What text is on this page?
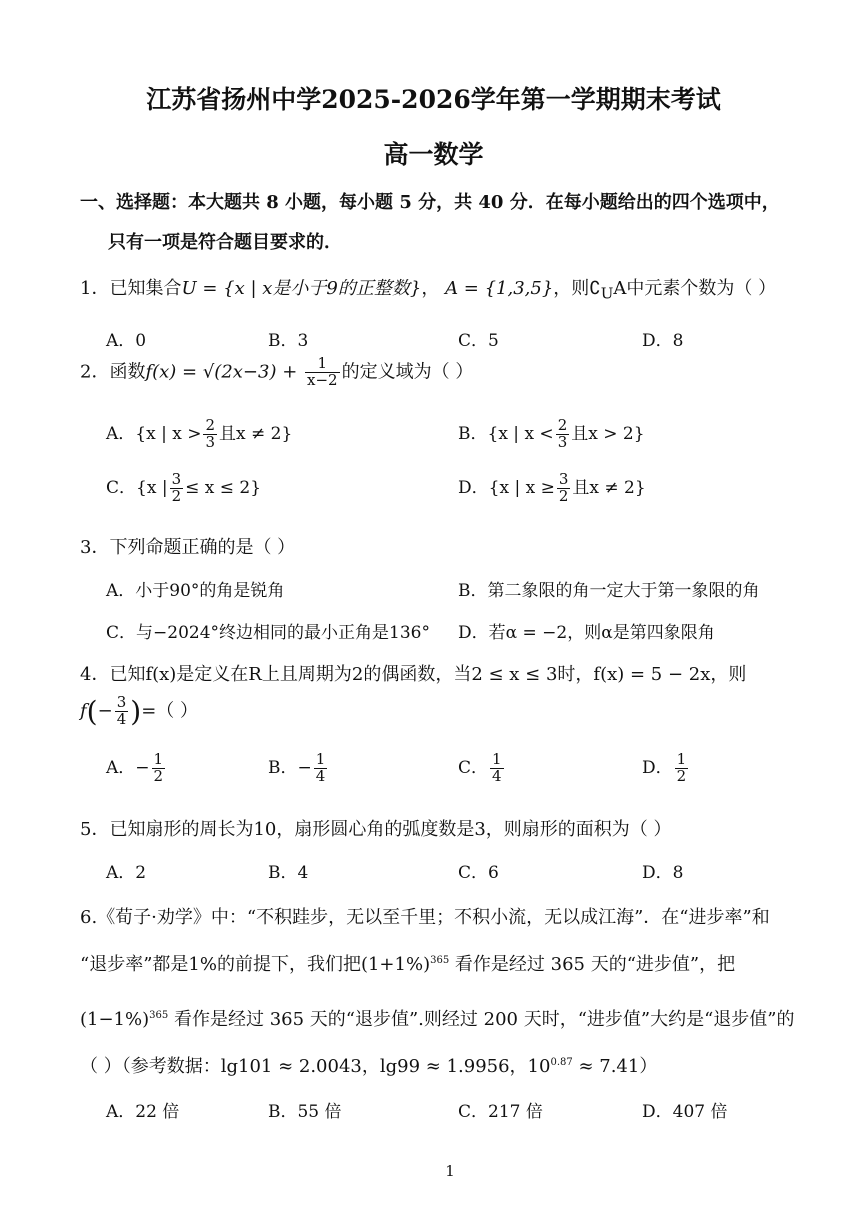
江苏省扬州中学2025-2026学年第一学期期末考试
高一数学
一、选择题：本大题共 8 小题，每小题 5 分，共 40 分．在每小题给出的四个选项中，
只有一项是符合题目要求的．
1．已知集合U = {x | x是小于9的正整数}， A = {1,3,5}，则$∁_UA$中元素个数为（ ）
A．0	B．3	C．5	D．8
2．函数$f(x) = √(2x-3) + \frac{1}{x-2}$ 的定义域为（ ）
A．{x | $x > \frac{2}{3}$ 且x ≠ 2}	B．{x | $x < \frac{2}{3}$ 且x > 2}
C．{x | $\frac{3}{2} \le x \le 2$}	D．{x | $x \ge \frac{3}{2}$ 且x ≠ 2}
3．下列命题正确的是（ ）
A．小于90°的角是锐角	B．第二象限的角一定大于第一象限的角
C．与−2024°终边相同的最小正角是136° D．若α = −2，则α是第四象限角
4．已知f(x)是定义在R上且周期为2的偶函数，当2 ≤ x ≤ 3时，f(x) = 5 − 2x，则
$f(- \frac{3}{4}$ )=（ ）
A．− $\frac{1}{2}$	B．− $\frac{1}{4}$	C． $\frac{1}{4}$	D． $\frac{1}{2}$
5．已知扇形的周长为10，扇形圆心角的弧度数是3，则扇形的面积为（ ）
A．2	B．4	C．6	D．8
6.《荀子·劝学》中：“不积跬步，无以至千里；不积小流，无以成江海”．在“进步率”和
“退步率”都是1%的前提下，我们把$(1+1\%)^{365}$ 看作是经过 365 天的“进步值”，把
$(1-1\%)^{365}$ 看作是经过 365 天的“退步值”.则经过 200 天时，“进步值”大约是“退步值”的
（ ）（参考数据：lg101 ≈ 2.0043，lg99 ≈ 1.9956，$10^{0.87} \approx 7.41$）
A．22 倍	B．55 倍	C．217 倍	D．407 倍
1
